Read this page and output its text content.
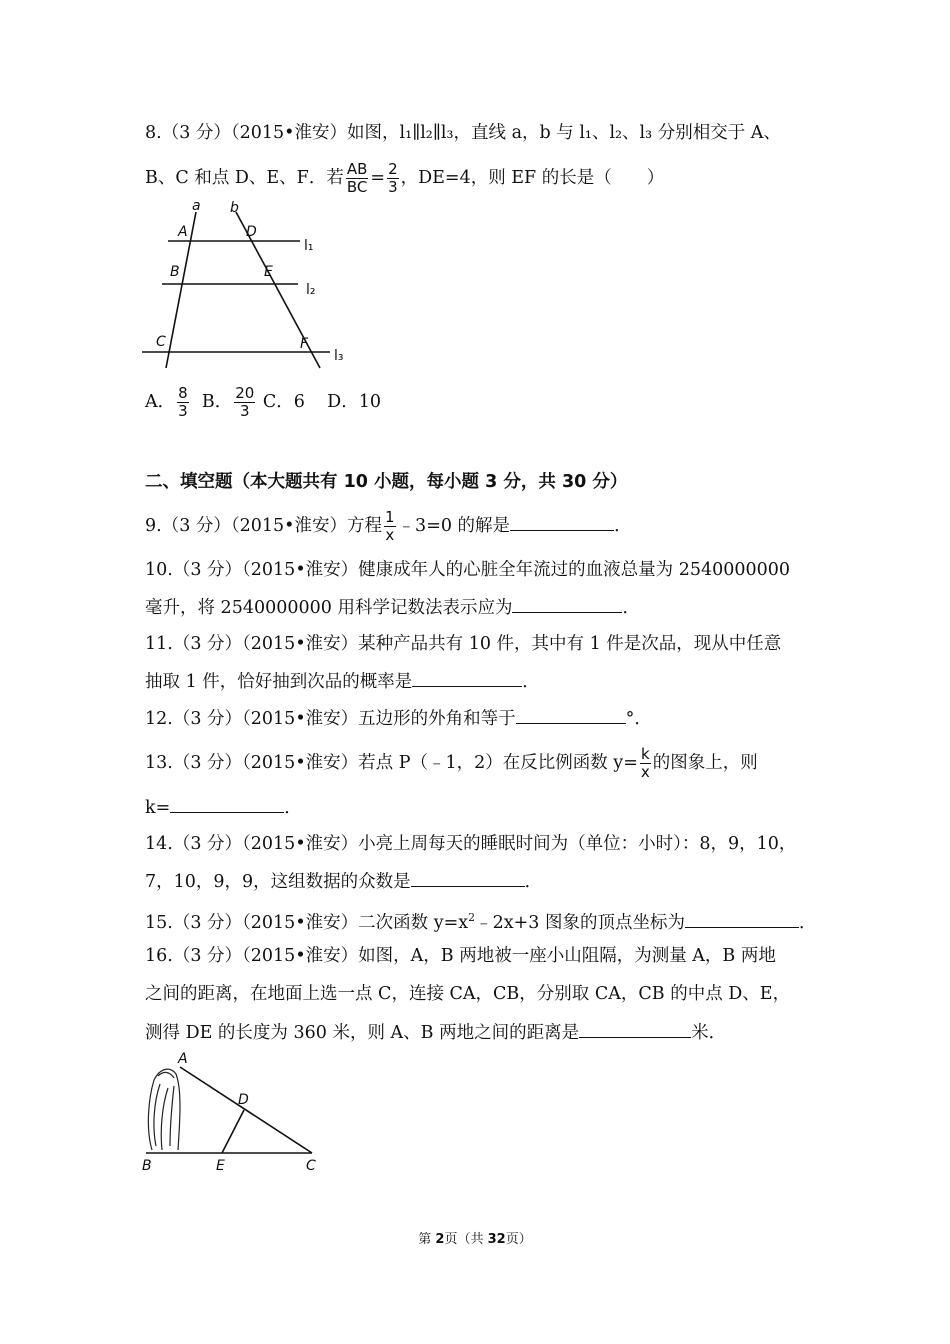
8.（3 分）（2015•淮安）如图，l₁∥l₂∥l₃，直线 a，b 与 l₁、l₂、l₃ 分别相交于 A、
B、C 和点 D、E、F．若 $\frac{AB}{BC} = \frac{2}{3}$ ，DE=4，则 EF 的长是（　　）
a b
A	D
l₁
B	E
l₂
C	F
l₃
A． $\frac{8}{3}$ B． $\frac{20}{3}$ C．6 D．10
二、填空题（本大题共有 10 小题，每小题 3 分，共 30 分）
9.（3 分）（2015•淮安）方程 $\frac{1}{x}$ ﹣3=0 的解是	．
10.（3 分）（2015•淮安）健康成年人的心脏全年流过的血液总量为 2540000000
毫升，将 2540000000 用科学记数法表示应为	．
11.（3 分）（2015•淮安）某种产品共有 10 件，其中有 1 件是次品，现从中任意
抽取 1 件，恰好抽到次品的概率是	．
12.（3 分）（2015•淮安）五边形的外角和等于	°．
13.（3 分）（2015•淮安）若点 P（﹣1，2）在反比例函数 $y= \frac{k}{x}$ 的图象上，则
k=	．
14.（3 分）（2015•淮安）小亮上周每天的睡眠时间为（单位：小时）：8，9，10，
7，10，9，9，这组数据的众数是	．
15.（3 分）（2015•淮安）二次函数 $y=x^2﹣2x+3$ 图象的顶点坐标为	．
16.（3 分）（2015•淮安）如图，A，B 两地被一座小山阻隔，为测量 A，B 两地
之间的距离，在地面上选一点 C，连接 CA，CB，分别取 CA，CB 的中点 D、E，
测得 DE 的长度为 360 米，则 A、B 两地之间的距离是	米．
A
D
B	E	C
第 2页（共 32页）
